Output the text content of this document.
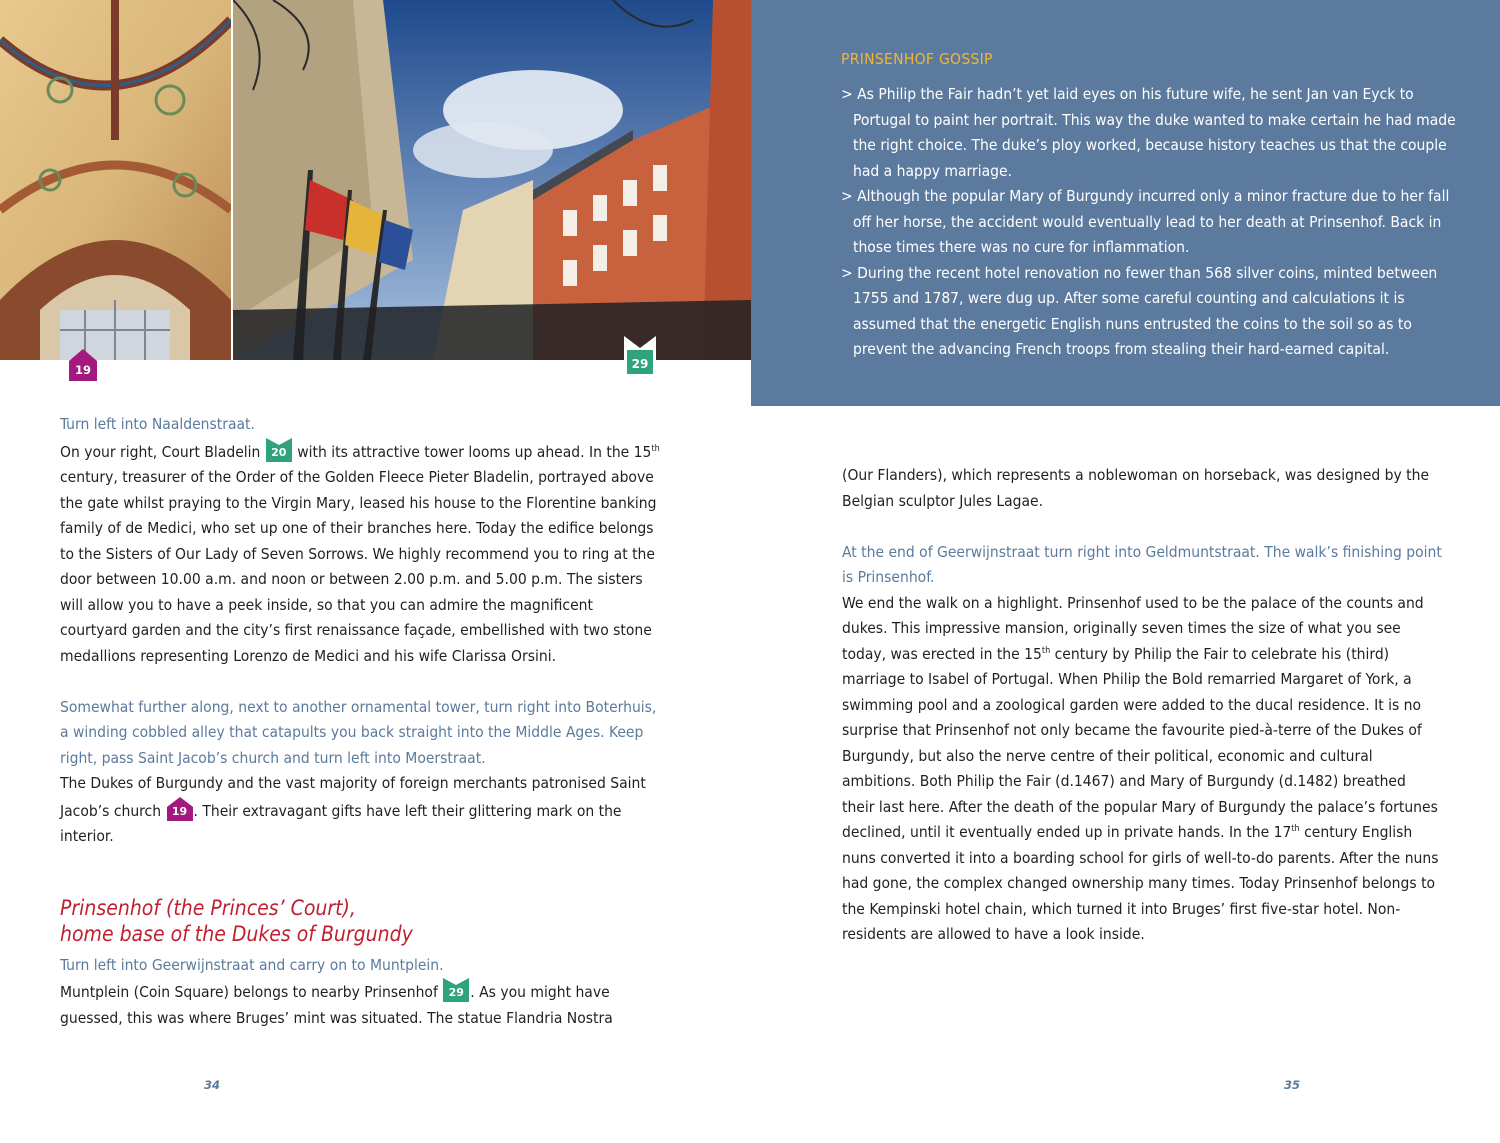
19	29
PRINSENHOF GOSSIP
> As Philip the Fair hadn’t yet laid eyes on his future wife, he sent Jan van Eyck to Portugal to paint her portrait. This way the duke wanted to make certain he had made the right choice. The duke’s ploy worked, because history teaches us that the couple had a happy marriage.
> Although the popular Mary of Burgundy incurred only a minor fracture due to her fall off her horse, the accident would eventually lead to her death at Prinsenhof. Back in those times there was no cure for inflammation.
> During the recent hotel renovation no fewer than 568 silver coins, minted between 1755 and 1787, were dug up. After some careful counting and calculations it is assumed that the energetic English nuns entrusted the coins to the soil so as to prevent the advancing French troops from stealing their hard-earned capital.

Turn left into Naaldenstraat.

On your right, Court Bladelin 20 with its attractive tower looms up ahead. In the 15th century, treasurer of the Order of the Golden Fleece Pieter Bladelin, portrayed above the gate whilst praying to the Virgin Mary, leased his house to the Florentine banking family of de Medici, who set up one of their branches here. Today the edifice belongs to the Sisters of Our Lady of Seven Sorrows. We highly recommend you to ring at the door between 10.00 a.m. and noon or between 2.00 p.m. and 5.00 p.m. The sisters will allow you to have a peek inside, so that you can admire the magnificent courtyard garden and the city’s first renaissance façade, embellished with two stone medallions representing Lorenzo de Medici and his wife Clarissa Orsini.

Somewhat further along, next to another ornamental tower, turn right into Boterhuis, a winding cobbled alley that catapults you back straight into the Middle Ages. Keep right, pass Saint Jacob’s church and turn left into Moerstraat.

The Dukes of Burgundy and the vast majority of foreign merchants patronised Saint Jacob’s church 19 . Their extravagant gifts have left their glittering mark on the interior.

Prinsenhof (the Princes’ Court),
home base of the Dukes of Burgundy

Turn left into Geerwijnstraat and carry on to Muntplein.

Muntplein (Coin Square) belongs to nearby Prinsenhof 29 . As you might have guessed, this was where Bruges’ mint was situated. The statue Flandria Nostra

(Our Flanders), which represents a noblewoman on horseback, was designed by the Belgian sculptor Jules Lagae.

At the end of Geerwijnstraat turn right into Geldmuntstraat. The walk’s finishing point is Prinsenhof.

We end the walk on a highlight. Prinsenhof used to be the palace of the counts and dukes. This impressive mansion, originally seven times the size of what you see today, was erected in the 15th century by Philip the Fair to celebrate his (third) marriage to Isabel of Portugal. When Philip the Bold remarried Margaret of York, a swimming pool and a zoological garden were added to the ducal residence. It is no surprise that Prinsenhof not only became the favourite pied-à-terre of the Dukes of Burgundy, but also the nerve centre of their political, economic and cultural ambitions. Both Philip the Fair (d.1467) and Mary of Burgundy (d.1482) breathed their last here. After the death of the popular Mary of Burgundy the palace’s fortunes declined, until it eventually ended up in private hands. In the 17th century English nuns converted it into a boarding school for girls of well-to-do parents. After the nuns had gone, the complex changed ownership many times. Today Prinsenhof belongs to the Kempinski hotel chain, which turned it into Bruges’ first five-star hotel. Non-residents are allowed to have a look inside.

34	35
